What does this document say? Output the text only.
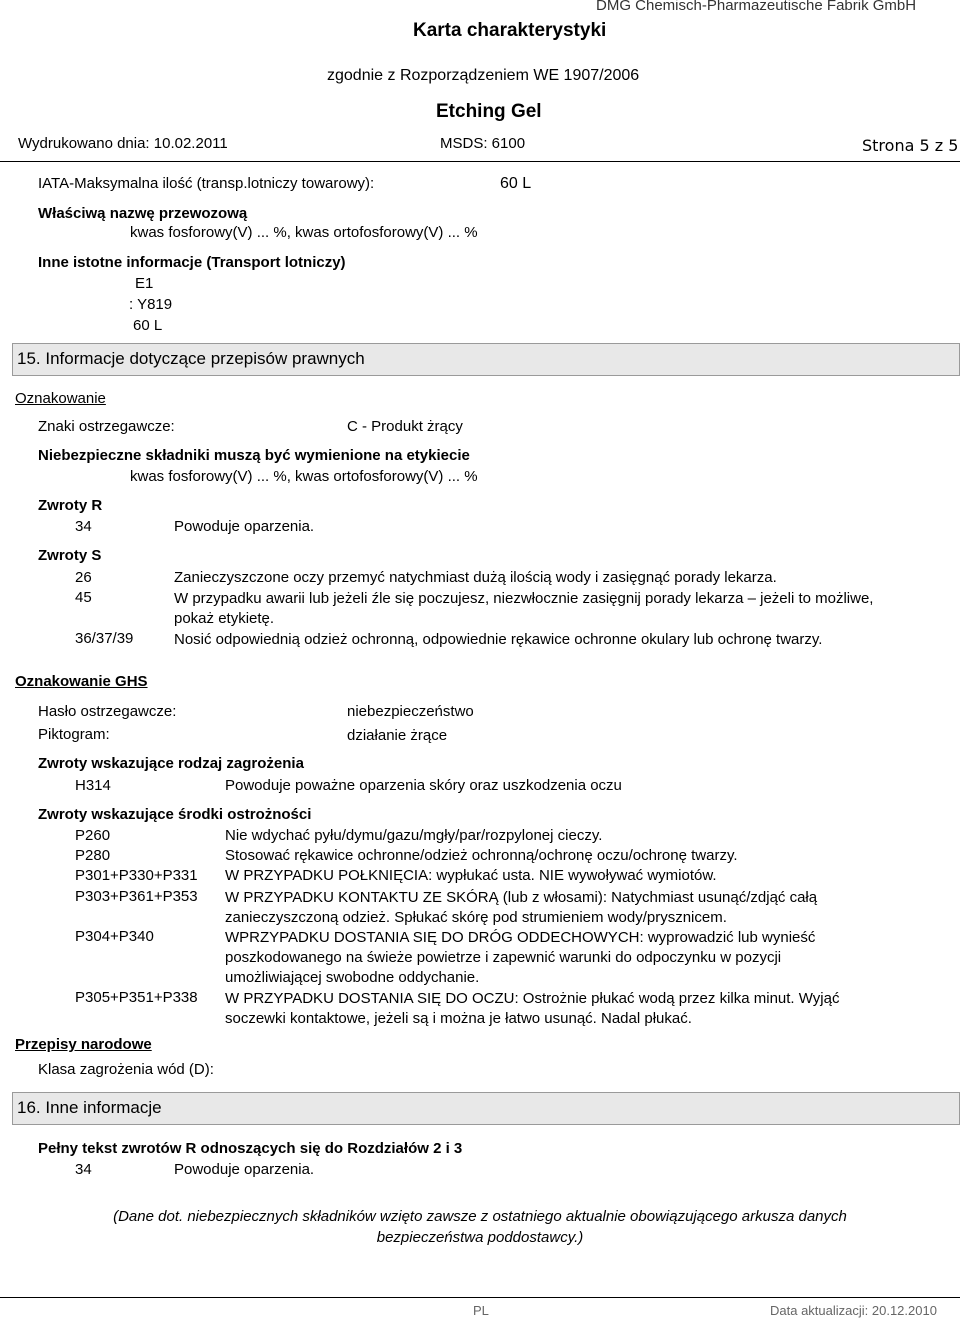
DMG Chemisch-Pharmazeutische Fabrik GmbH
Karta charakterystyki
zgodnie z Rozporządzeniem WE 1907/2006
Etching Gel
Wydrukowano dnia: 10.02.2011	MSDS: 6100	Strona 5 z 5
IATA-Maksymalna ilość (transp.lotniczy towarowy):	60 L
Właściwą nazwę przewozową
kwas fosforowy(V) ... %, kwas ortofosforowy(V) ... %
Inne istotne informacje (Transport lotniczy)
E1
: Y819
60 L
15. Informacje dotyczące przepisów prawnych
Oznakowanie
Znaki ostrzegawcze:	C - Produkt żrący
Niebezpieczne składniki muszą być wymienione na etykiecie
kwas fosforowy(V) ... %, kwas ortofosforowy(V) ... %
Zwroty R
34	Powoduje oparzenia.
Zwroty S
26	Zanieczyszczone oczy przemyć natychmiast dużą ilością wody i zasięgnąć porady lekarza.
45	W przypadku awarii lub jeżeli źle się poczujesz, niezwłocznie zasięgnij porady lekarza – jeżeli to możliwe, pokaż etykietę.
36/37/39	Nosić odpowiednią odzież ochronną, odpowiednie rękawice ochronne okulary lub ochronę twarzy.
Oznakowanie GHS
Hasło ostrzegawcze:	niebezpieczeństwo
Piktogram:	działanie żrące
Zwroty wskazujące rodzaj zagrożenia
H314	Powoduje poważne oparzenia skóry oraz uszkodzenia oczu
Zwroty wskazujące środki ostrożności
P260	Nie wdychać pyłu/dymu/gazu/mgły/par/rozpylonej cieczy.
P280	Stosować rękawice ochronne/odzież ochronną/ochronę oczu/ochronę twarzy.
P301+P330+P331 W PRZYPADKU POŁKNIĘCIA: wypłukać usta. NIE wywoływać wymiotów.
P303+P361+P353 W PRZYPADKU KONTAKTU ZE SKÓRĄ (lub z włosami): Natychmiast usunąć/zdjąć całą zanieczyszczoną odzież. Spłukać skórę pod strumieniem wody/prysznicem.
P304+P340	WPRZYPADKU DOSTANIA SIĘ DO DRÓG ODDECHOWYCH: wyprowadzić lub wynieść poszkodowanego na świeże powietrze i zapewnić warunki do odpoczynku w pozycji umożliwiającej swobodne oddychanie.
P305+P351+P338 W PRZYPADKU DOSTANIA SIĘ DO OCZU: Ostrożnie płukać wodą przez kilka minut. Wyjąć soczewki kontaktowe, jeżeli są i można je łatwo usunąć. Nadal płukać.
Przepisy narodowe
Klasa zagrożenia wód (D):
16. Inne informacje
Pełny tekst zwrotów R odnoszących się do Rozdziałów 2 i 3
34	Powoduje oparzenia.
(Dane dot. niebezpiecznych składników wzięto zawsze z ostatniego aktualnie obowiązującego arkusza danych bezpieczeństwa poddostawcy.)
PL	Data aktualizacji: 20.12.2010
